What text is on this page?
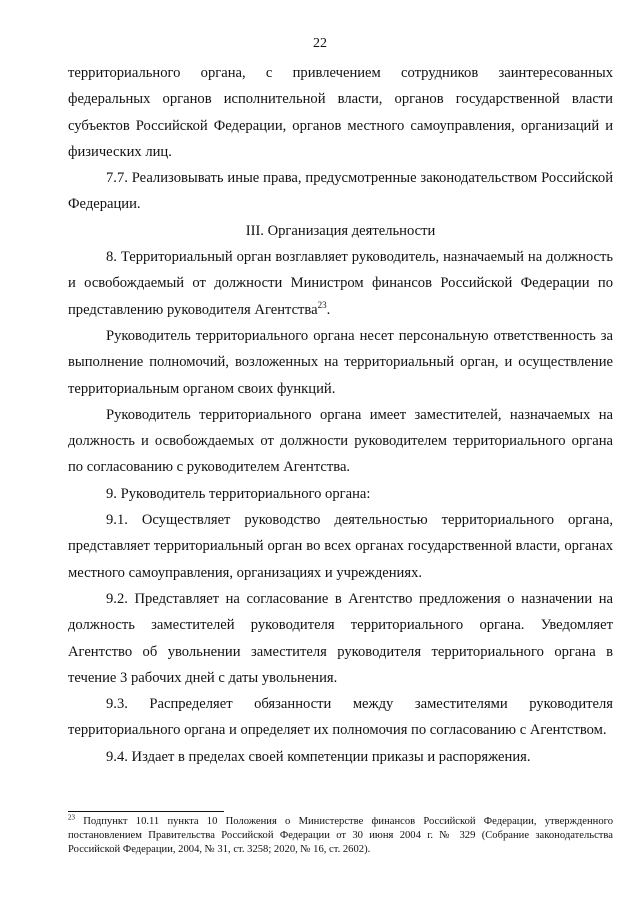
22

территориального органа, с привлечением сотрудников заинтересованных федеральных органов исполнительной власти, органов государственной власти субъектов Российской Федерации, органов местного самоуправления, организаций и физических лиц.

7.7. Реализовывать иные права, предусмотренные законодательством Российской Федерации.

III. Организация деятельности

8. Территориальный орган возглавляет руководитель, назначаемый на должность и освобождаемый от должности Министром финансов Российской Федерации по представлению руководителя Агентства$^{23}$.

Руководитель территориального органа несет персональную ответственность за выполнение полномочий, возложенных на территориальный орган, и осуществление территориальным органом своих функций.

Руководитель территориального органа имеет заместителей, назначаемых на должность и освобождаемых от должности руководителем территориального органа по согласованию с руководителем Агентства.

9. Руководитель территориального органа:

9.1. Осуществляет руководство деятельностью территориального органа, представляет территориальный орган во всех органах государственной власти, органах местного самоуправления, организациях и учреждениях.

9.2. Представляет на согласование в Агентство предложения о назначении на должность заместителей руководителя территориального органа. Уведомляет Агентство об увольнении заместителя руководителя территориального органа в течение 3 рабочих дней с даты увольнения.

9.3. Распределяет обязанности между заместителями руководителя территориального органа и определяет их полномочия по согласованию с Агентством.

9.4. Издает в пределах своей компетенции приказы и распоряжения.

$^{23}$ Подпункт 10.11 пункта 10 Положения о Министерстве финансов Российской Федерации, утвержденного постановлением Правительства Российской Федерации от 30 июня 2004 г. № 329 (Собрание законодательства Российской Федерации, 2004, № 31, ст. 3258; 2020, № 16, ст. 2602).
